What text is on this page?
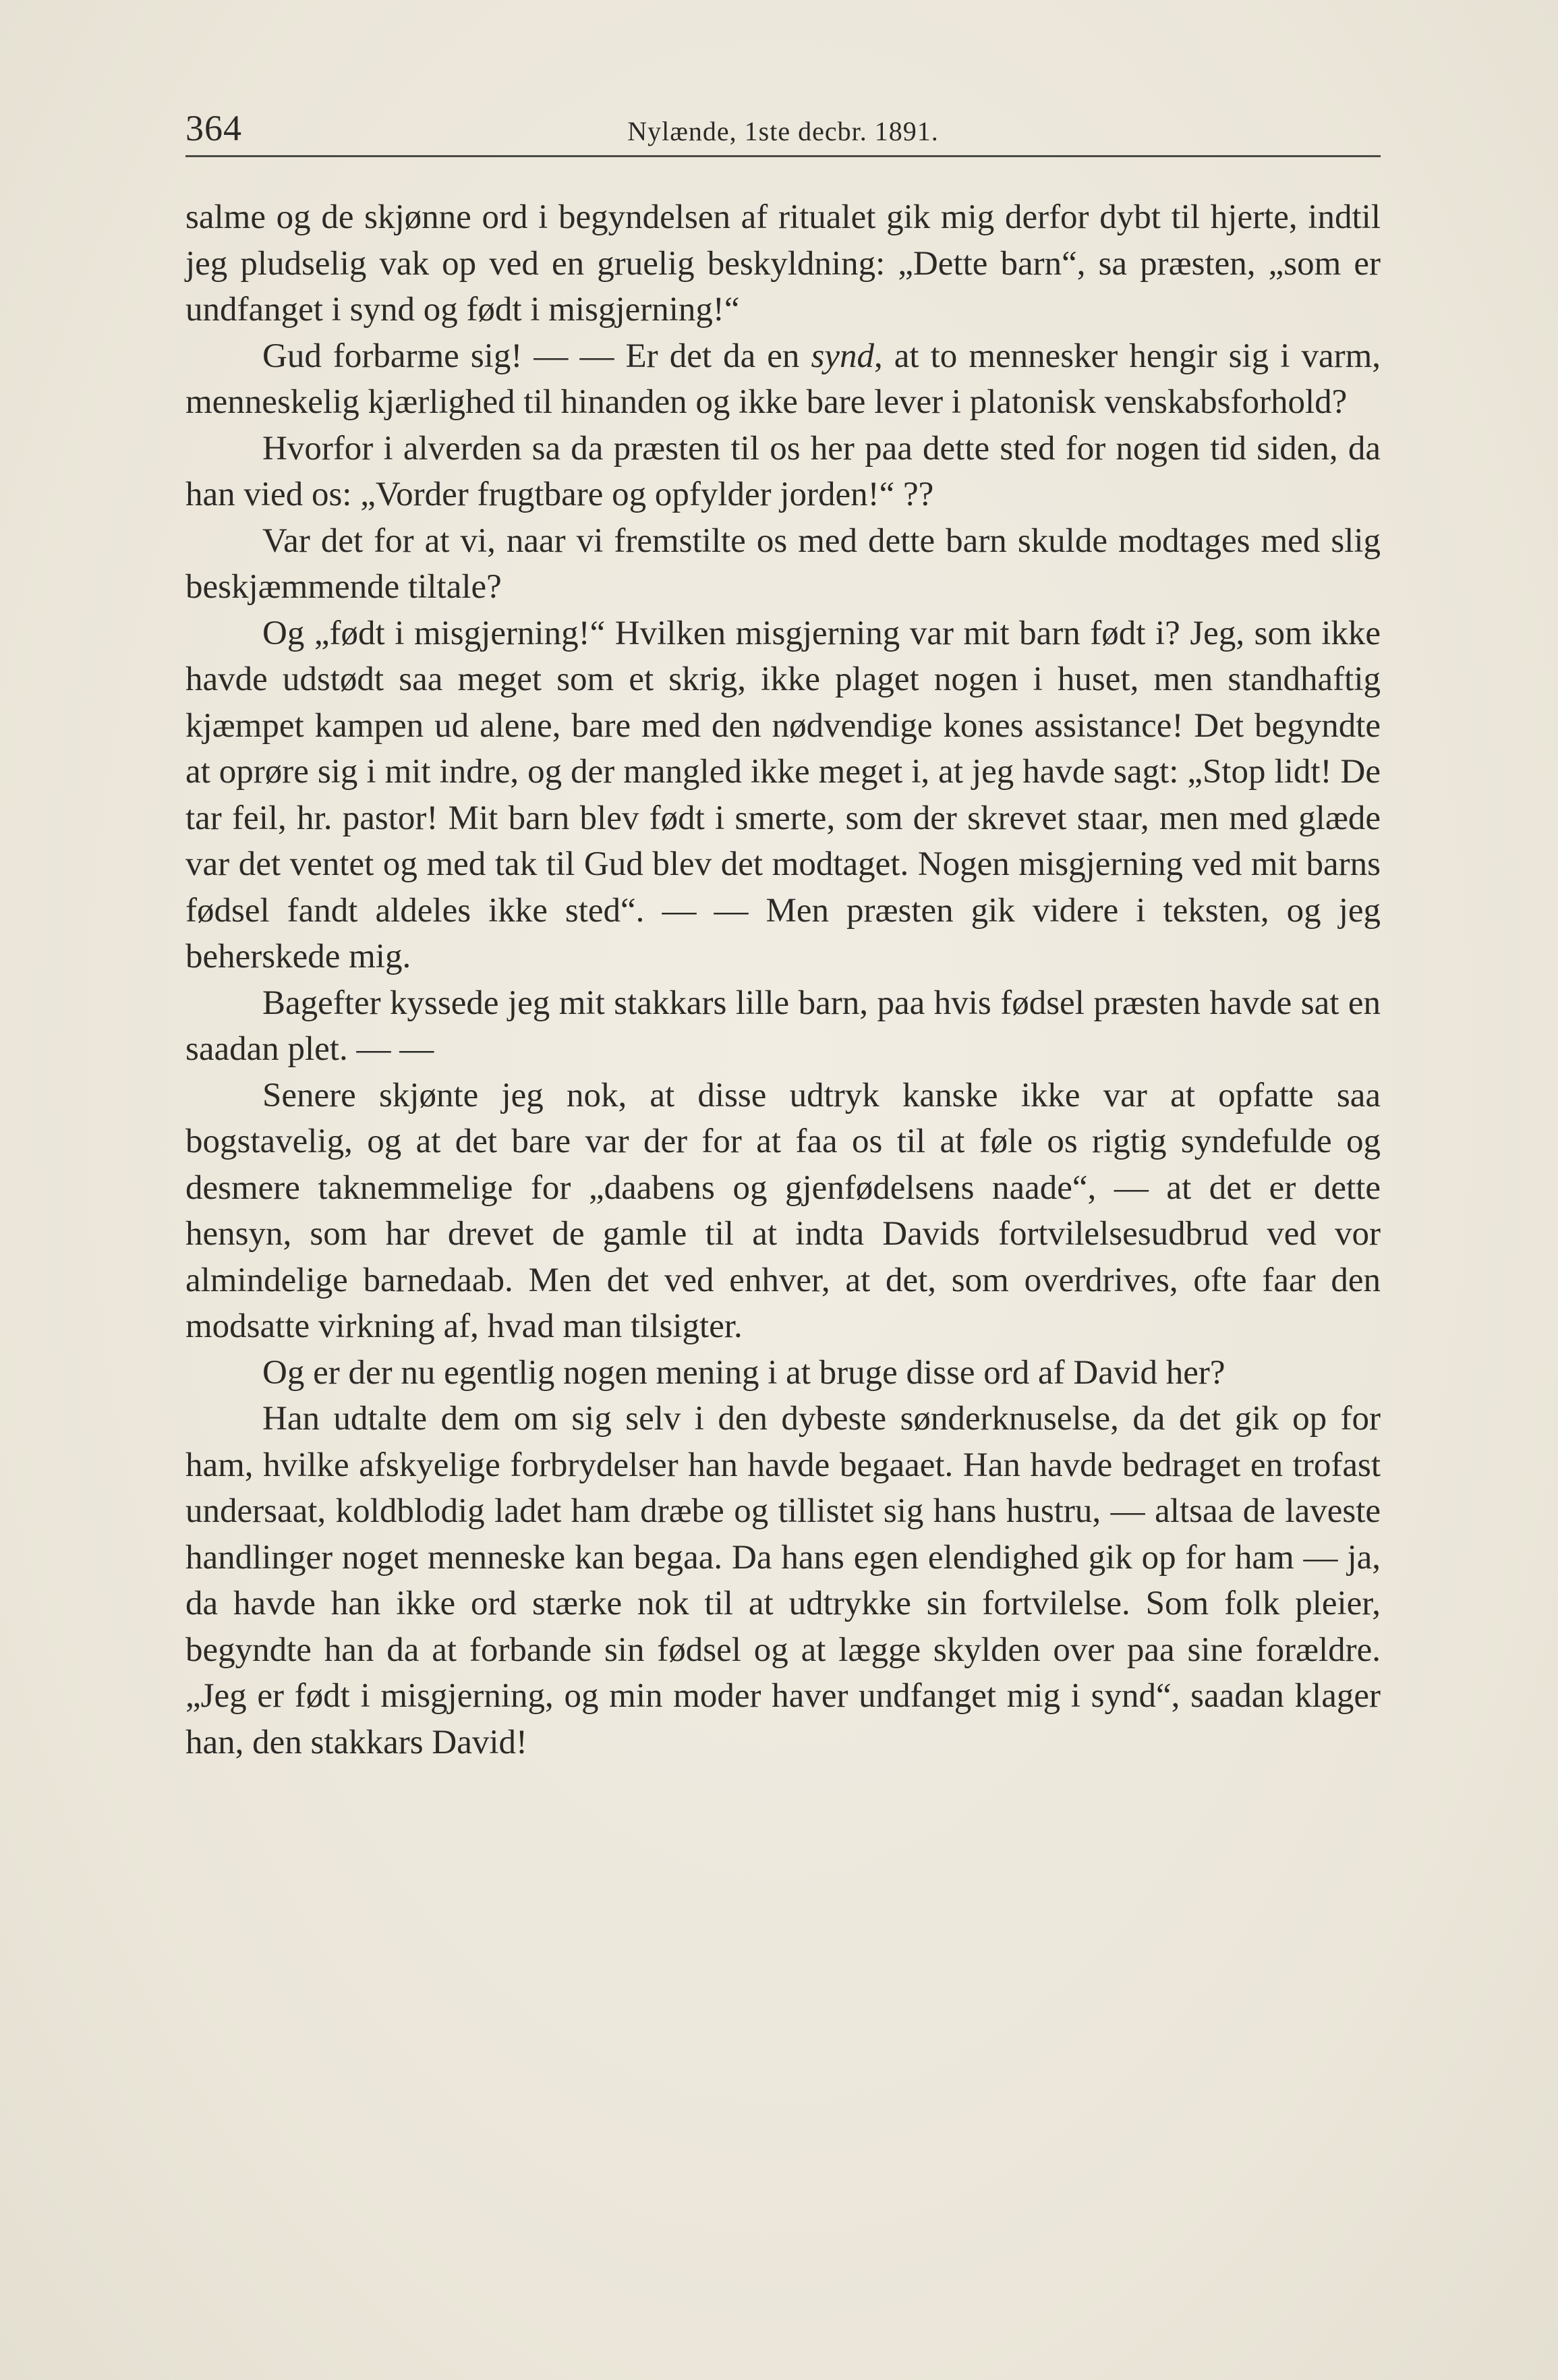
364	Nylænde, 1ste decbr. 1891.

salme og de skjønne ord i begyndelsen af ritualet gik mig derfor dybt til hjerte, indtil jeg pludselig vak op ved en gruelig beskyldning: „Dette barn“, sa præsten, „som er undfanget i synd og født i misgjerning!“

Gud forbarme sig! — — Er det da en synd, at to mennesker hengir sig i varm, menneskelig kjærlighed til hinanden og ikke bare lever i platonisk venskabsforhold?

Hvorfor i alverden sa da præsten til os her paa dette sted for nogen tid siden, da han vied os: „Vorder frugtbare og opfylder jorden!“ ??

Var det for at vi, naar vi fremstilte os med dette barn skulde modtages med slig beskjæmmende tiltale?

Og „født i misgjerning!“ Hvilken misgjerning var mit barn født i? Jeg, som ikke havde udstødt saa meget som et skrig, ikke plaget nogen i huset, men standhaftig kjæmpet kampen ud alene, bare med den nødvendige kones assistance! Det begyndte at oprøre sig i mit indre, og der mangled ikke meget i, at jeg havde sagt: „Stop lidt! De tar feil, hr. pastor! Mit barn blev født i smerte, som der skrevet staar, men med glæde var det ventet og med tak til Gud blev det modtaget. Nogen misgjerning ved mit barns fødsel fandt aldeles ikke sted“. — — Men præsten gik videre i teksten, og jeg beherskede mig.

Bagefter kyssede jeg mit stakkars lille barn, paa hvis fødsel præsten havde sat en saadan plet. — —

Senere skjønte jeg nok, at disse udtryk kanske ikke var at opfatte saa bogstavelig, og at det bare var der for at faa os til at føle os rigtig syndefulde og desmere taknemmelige for „daabens og gjenfødelsens naade“, — at det er dette hensyn, som har drevet de gamle til at indta Davids fortvilelsesudbrud ved vor almindelige barnedaab. Men det ved enhver, at det, som overdrives, ofte faar den modsatte virkning af, hvad man tilsigter.

Og er der nu egentlig nogen mening i at bruge disse ord af David her?

Han udtalte dem om sig selv i den dybeste sønderknuselse, da det gik op for ham, hvilke afskyelige forbrydelser han havde begaaet. Han havde bedraget en trofast undersaat, koldblodig ladet ham dræbe og tillistet sig hans hustru, — altsaa de laveste handlinger noget menneske kan begaa. Da hans egen elendighed gik op for ham — ja, da havde han ikke ord stærke nok til at udtrykke sin fortvilelse. Som folk pleier, begyndte han da at forbande sin fødsel og at lægge skylden over paa sine forældre. „Jeg er født i misgjerning, og min moder haver undfanget mig i synd“, saadan klager han, den stakkars David!
